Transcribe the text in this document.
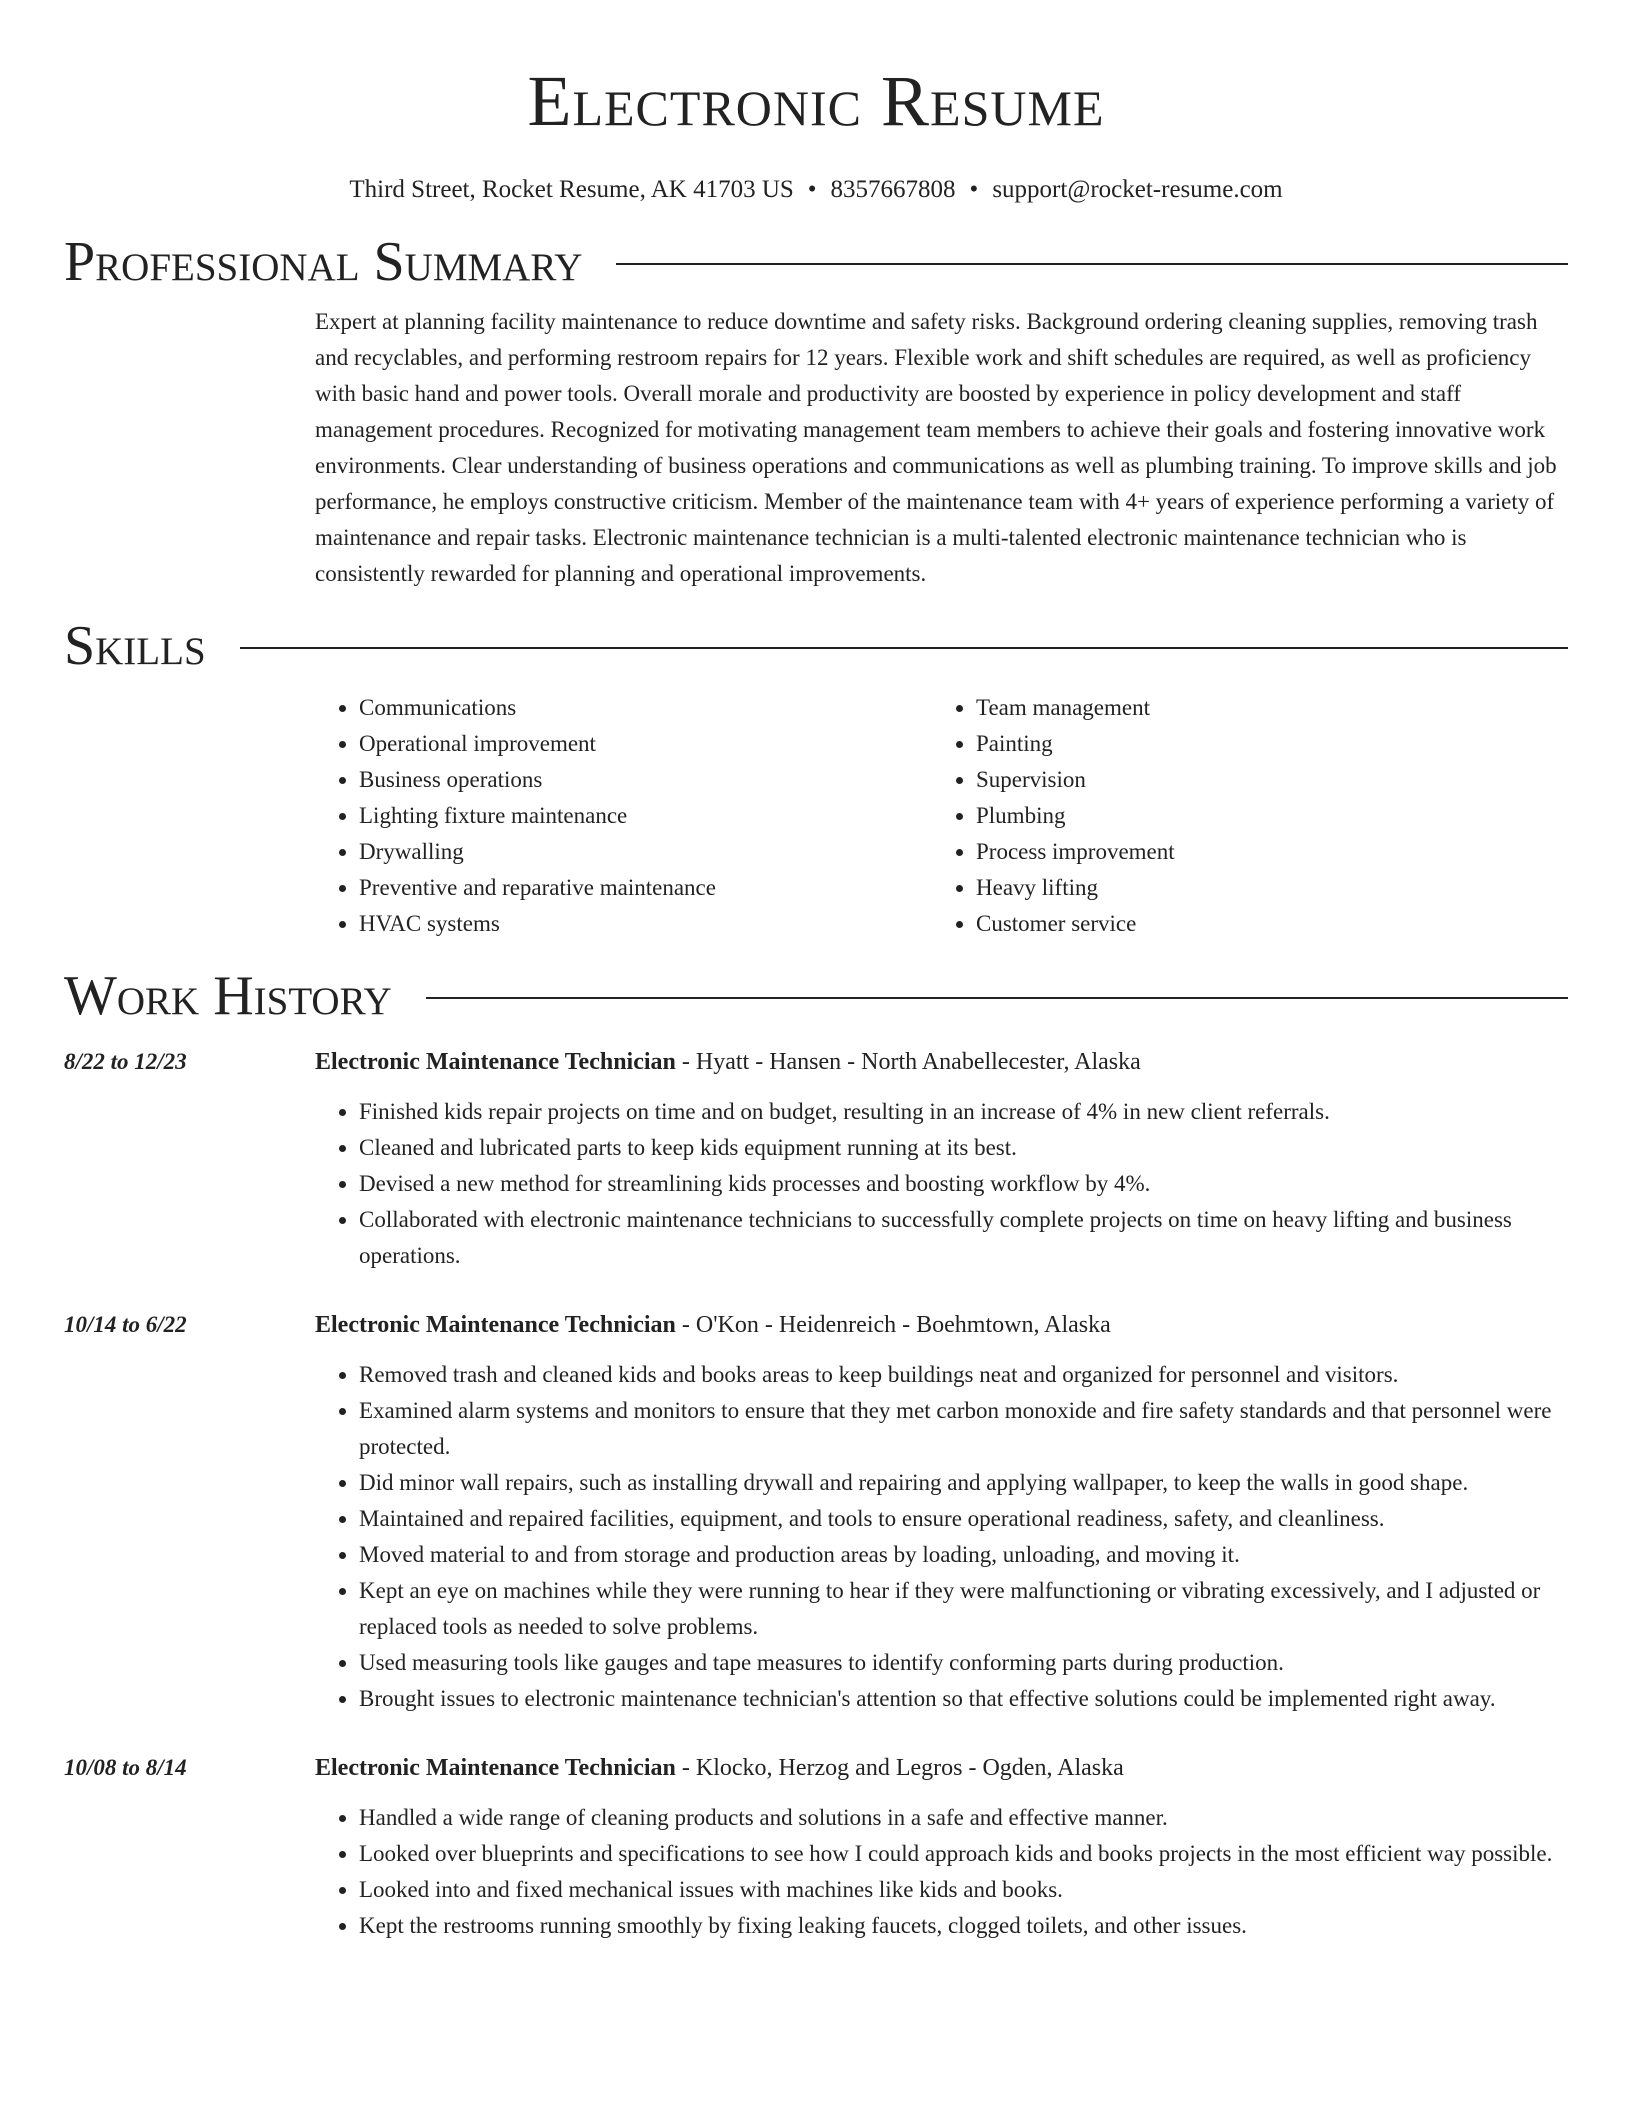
Electronic Resume
Third Street, Rocket Resume, AK 41703 US • 8357667808 • support@rocket-resume.com
Professional Summary
Expert at planning facility maintenance to reduce downtime and safety risks. Background ordering cleaning supplies, removing trash and recyclables, and performing restroom repairs for 12 years. Flexible work and shift schedules are required, as well as proficiency with basic hand and power tools. Overall morale and productivity are boosted by experience in policy development and staff management procedures. Recognized for motivating management team members to achieve their goals and fostering innovative work environments. Clear understanding of business operations and communications as well as plumbing training. To improve skills and job performance, he employs constructive criticism. Member of the maintenance team with 4+ years of experience performing a variety of maintenance and repair tasks. Electronic maintenance technician is a multi-talented electronic maintenance technician who is consistently rewarded for planning and operational improvements.
Skills
• Communications
• Operational improvement
• Business operations
• Lighting fixture maintenance
• Drywalling
• Preventive and reparative maintenance
• HVAC systems
• Team management
• Painting
• Supervision
• Plumbing
• Process improvement
• Heavy lifting
• Customer service
Work History
8/22 to 12/23	Electronic Maintenance Technician - Hyatt - Hansen - North Anabellecester, Alaska
• Finished kids repair projects on time and on budget, resulting in an increase of 4% in new client referrals.
• Cleaned and lubricated parts to keep kids equipment running at its best.
• Devised a new method for streamlining kids processes and boosting workflow by 4%.
• Collaborated with electronic maintenance technicians to successfully complete projects on time on heavy lifting and business operations.
10/14 to 6/22	Electronic Maintenance Technician - O'Kon - Heidenreich - Boehmtown, Alaska
• Removed trash and cleaned kids and books areas to keep buildings neat and organized for personnel and visitors.
• Examined alarm systems and monitors to ensure that they met carbon monoxide and fire safety standards and that personnel were protected.
• Did minor wall repairs, such as installing drywall and repairing and applying wallpaper, to keep the walls in good shape.
• Maintained and repaired facilities, equipment, and tools to ensure operational readiness, safety, and cleanliness.
• Moved material to and from storage and production areas by loading, unloading, and moving it.
• Kept an eye on machines while they were running to hear if they were malfunctioning or vibrating excessively, and I adjusted or replaced tools as needed to solve problems.
• Used measuring tools like gauges and tape measures to identify conforming parts during production.
• Brought issues to electronic maintenance technician's attention so that effective solutions could be implemented right away.
10/08 to 8/14	Electronic Maintenance Technician - Klocko, Herzog and Legros - Ogden, Alaska
• Handled a wide range of cleaning products and solutions in a safe and effective manner.
• Looked over blueprints and specifications to see how I could approach kids and books projects in the most efficient way possible.
• Looked into and fixed mechanical issues with machines like kids and books.
• Kept the restrooms running smoothly by fixing leaking faucets, clogged toilets, and other issues.
